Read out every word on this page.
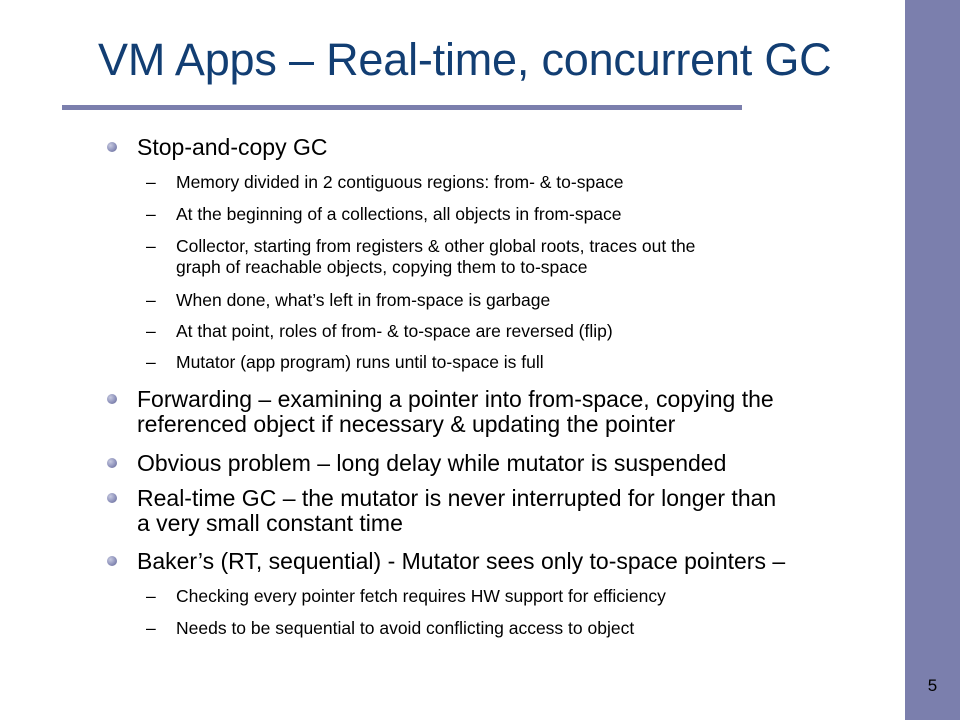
5
VM Apps – Real-time, concurrent GC
Stop-and-copy GC
– Memory divided in 2 contiguous regions: from- & to-space
– At the beginning of a collections, all objects in from-space
– Collector, starting from registers & other global roots, traces out the
graph of reachable objects, copying them to to-space
– When done, what’s left in from-space is garbage
– At that point, roles of from- & to-space are reversed (flip)
– Mutator (app program) runs until to-space is full
Forwarding – examining a pointer into from-space, copying the
referenced object if necessary & updating the pointer
Obvious problem – long delay while mutator is suspended
Real-time GC – the mutator is never interrupted for longer than
a very small constant time
Baker’s (RT, sequential) - Mutator sees only to-space pointers –
– Checking every pointer fetch requires HW support for efficiency
– Needs to be sequential to avoid conflicting access to object
